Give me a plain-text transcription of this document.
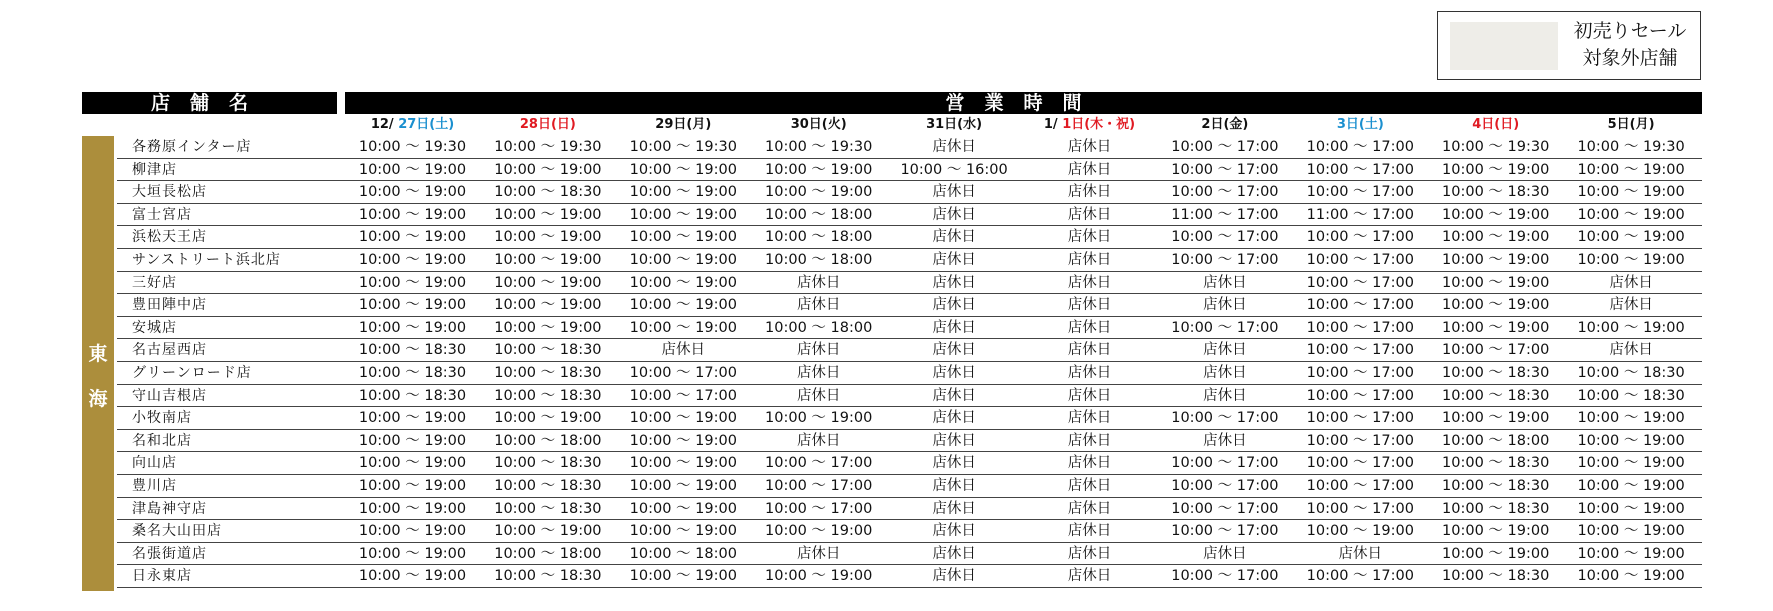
初売りセール
対象外店舗
店舗名	営業時間
12/ 27日(土)	28日(日)	29日(月)	30日(火)	31日(水)	1/ 1日(木・祝)	2日(金)	3日(土)	4日(日)	5日(月)
東
海
各務原インター店	10:00 ～ 19:30	10:00 ～ 19:30	10:00 ～ 19:30	10:00 ～ 19:30	店休日	店休日	10:00 ～ 17:00	10:00 ～ 17:00	10:00 ～ 19:30	10:00 ～ 19:30
柳津店	10:00 ～ 19:00	10:00 ～ 19:00	10:00 ～ 19:00	10:00 ～ 19:00	10:00 ～ 16:00	店休日	10:00 ～ 17:00	10:00 ～ 17:00	10:00 ～ 19:00	10:00 ～ 19:00
大垣長松店	10:00 ～ 19:00	10:00 ～ 18:30	10:00 ～ 19:00	10:00 ～ 19:00	店休日	店休日	10:00 ～ 17:00	10:00 ～ 17:00	10:00 ～ 18:30	10:00 ～ 19:00
富士宮店	10:00 ～ 19:00	10:00 ～ 19:00	10:00 ～ 19:00	10:00 ～ 18:00	店休日	店休日	11:00 ～ 17:00	11:00 ～ 17:00	10:00 ～ 19:00	10:00 ～ 19:00
浜松天王店	10:00 ～ 19:00	10:00 ～ 19:00	10:00 ～ 19:00	10:00 ～ 18:00	店休日	店休日	10:00 ～ 17:00	10:00 ～ 17:00	10:00 ～ 19:00	10:00 ～ 19:00
サンストリート浜北店	10:00 ～ 19:00	10:00 ～ 19:00	10:00 ～ 19:00	10:00 ～ 18:00	店休日	店休日	10:00 ～ 17:00	10:00 ～ 17:00	10:00 ～ 19:00	10:00 ～ 19:00
三好店	10:00 ～ 19:00	10:00 ～ 19:00	10:00 ～ 19:00	店休日	店休日	店休日	店休日	10:00 ～ 17:00	10:00 ～ 19:00	店休日
豊田陣中店	10:00 ～ 19:00	10:00 ～ 19:00	10:00 ～ 19:00	店休日	店休日	店休日	店休日	10:00 ～ 17:00	10:00 ～ 19:00	店休日
安城店	10:00 ～ 19:00	10:00 ～ 19:00	10:00 ～ 19:00	10:00 ～ 18:00	店休日	店休日	10:00 ～ 17:00	10:00 ～ 17:00	10:00 ～ 19:00	10:00 ～ 19:00
名古屋西店	10:00 ～ 18:30	10:00 ～ 18:30	店休日	店休日	店休日	店休日	店休日	10:00 ～ 17:00	10:00 ～ 17:00	店休日
グリーンロード店	10:00 ～ 18:30	10:00 ～ 18:30	10:00 ～ 17:00	店休日	店休日	店休日	店休日	10:00 ～ 17:00	10:00 ～ 18:30	10:00 ～ 18:30
守山吉根店	10:00 ～ 18:30	10:00 ～ 18:30	10:00 ～ 17:00	店休日	店休日	店休日	店休日	10:00 ～ 17:00	10:00 ～ 18:30	10:00 ～ 18:30
小牧南店	10:00 ～ 19:00	10:00 ～ 19:00	10:00 ～ 19:00	10:00 ～ 19:00	店休日	店休日	10:00 ～ 17:00	10:00 ～ 17:00	10:00 ～ 19:00	10:00 ～ 19:00
名和北店	10:00 ～ 19:00	10:00 ～ 18:00	10:00 ～ 19:00	店休日	店休日	店休日	店休日	10:00 ～ 17:00	10:00 ～ 18:00	10:00 ～ 19:00
向山店	10:00 ～ 19:00	10:00 ～ 18:30	10:00 ～ 19:00	10:00 ～ 17:00	店休日	店休日	10:00 ～ 17:00	10:00 ～ 17:00	10:00 ～ 18:30	10:00 ～ 19:00
豊川店	10:00 ～ 19:00	10:00 ～ 18:30	10:00 ～ 19:00	10:00 ～ 17:00	店休日	店休日	10:00 ～ 17:00	10:00 ～ 17:00	10:00 ～ 18:30	10:00 ～ 19:00
津島神守店	10:00 ～ 19:00	10:00 ～ 18:30	10:00 ～ 19:00	10:00 ～ 17:00	店休日	店休日	10:00 ～ 17:00	10:00 ～ 17:00	10:00 ～ 18:30	10:00 ～ 19:00
桑名大山田店	10:00 ～ 19:00	10:00 ～ 19:00	10:00 ～ 19:00	10:00 ～ 19:00	店休日	店休日	10:00 ～ 17:00	10:00 ～ 19:00	10:00 ～ 19:00	10:00 ～ 19:00
名張街道店	10:00 ～ 19:00	10:00 ～ 18:00	10:00 ～ 18:00	店休日	店休日	店休日	店休日	店休日	10:00 ～ 19:00	10:00 ～ 19:00
日永東店	10:00 ～ 19:00	10:00 ～ 18:30	10:00 ～ 19:00	10:00 ～ 19:00	店休日	店休日	10:00 ～ 17:00	10:00 ～ 17:00	10:00 ～ 18:30	10:00 ～ 19:00
